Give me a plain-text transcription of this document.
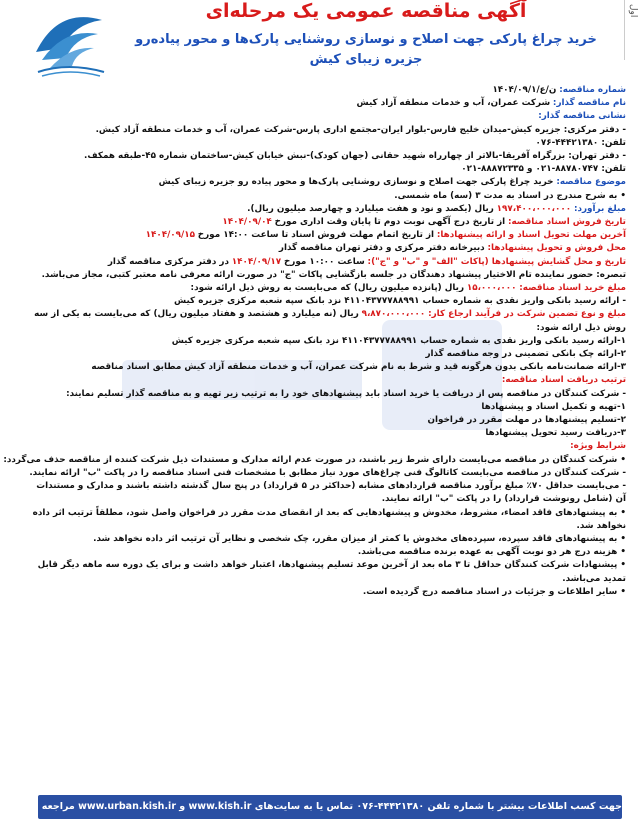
اول
آگهی مناقصه عمومی یک مرحله‌ای
خرید چراغ پارکی جهت اصلاح و نوسازی روشنایی پارک‌ها و محور پیاده‌رو
جزیره زیبای کیش
شماره مناقصه: ن/ع/۱۴۰۴/۰۹/۱
نام مناقصه گذار: شرکت عمران، آب و خدمات منطقه آزاد کیش
نشانی مناقصه گذار:
- دفتر مرکزی: جزیره کیش-میدان خلیج فارس-بلوار ایران-مجتمع اداری پارس-شرکت عمران، آب و خدمات منطقه آزاد کیش.
تلفن: ۴۴۴۲۱۳۸۰-۰۷۶
- دفتر تهران: بزرگراه آفریقا-بالاتر از چهارراه شهید حقانی (جهان کودک)-نبش خیابان کیش-ساختمان شماره ۴۵-طبقه همکف.
تلفن: ۸۸۷۸۰۷۴۷-۰۲۱ و ۸۸۸۷۲۳۳۵-۰۲۱
موضوع مناقصه: خرید چراغ پارکی جهت اصلاح و نوسازی روشنایی پارک‌ها و محور پیاده رو جزیره زیبای کیش
• به شرح مندرج در اسناد به مدت ۳ (سه) ماه شمسی.
مبلغ برآورد: ۱۹۷،۴۰۰،۰۰۰،۰۰۰ ریال (یکصد و نود و هفت میلیارد و چهارصد میلیون ریال).
تاریخ فروش اسناد مناقصه: از تاریخ درج آگهی نوبت دوم تا پایان وقت اداری مورخ ۱۴۰۴/۰۹/۰۴
آخرین مهلت تحویل اسناد و ارائه پیشنهادها: از تاریخ اتمام مهلت فروش اسناد تا ساعت ۱۴:۰۰ مورخ ۱۴۰۴/۰۹/۱۵
محل فروش و تحویل پیشنهادها: دبیرخانه دفتر مرکزی و دفتر تهران مناقصه گذار
تاریخ و محل گشایش پیشنهادها (پاکات "الف" و "ب" و "ج"): ساعت ۱۰:۰۰ مورخ ۱۴۰۴/۰۹/۱۷ در دفتر مرکزی مناقصه گذار
تبصره: حضور نماینده تام الاختیار پیشنهاد دهندگان در جلسه بازگشایی پاکات "ج" در صورت ارائه معرفی نامه معتبر کتبی، مجاز می‌باشد.
مبلغ خرید اسناد مناقصه: ۱۵،۰۰۰،۰۰۰ ریال (پانزده میلیون ریال) که می‌بایست به روش ذیل ارائه شود:
- ارائه رسید بانکی واریز نقدی به شماره حساب ۴۱۱۰۴۳۷۷۷۸۸۹۹۱ نزد بانک سپه شعبه مرکزی جزیره کیش
مبلغ و نوع تضمین شرکت در فرآیند ارجاع کار: ۹،۸۷۰،۰۰۰،۰۰۰ ریال (نه میلیارد و هشتصد و هفتاد میلیون ریال) که می‌بایست به یکی از سه
روش ذیل ارائه شود:
۱-ارائه رسید بانکی واریز نقدی به شماره حساب ۴۱۱۰۴۳۷۷۷۸۸۹۹۱ نزد بانک سپه شعبه مرکزی جزیره کیش
۲-ارائه چک بانکی تضمینی در وجه مناقصه گذار
۳-ارائه ضمانت‌نامه بانکی بدون هرگونه قید و شرط به نام شرکت عمران، آب و خدمات منطقه آزاد کیش مطابق اسناد مناقصه
ترتیب دریافت اسناد مناقصه:
- شرکت کنندگان در مناقصه پس از دریافت یا خرید اسناد باید پیشنهادهای خود را به ترتیب زیر تهیه و به مناقصه گذار تسلیم نمایند:
۱-تهیه و تکمیل اسناد و پیشنهادها
۲-تسلیم پیشنهادها در مهلت مقرر در فراخوان
۳-دریافت رسید تحویل پیشنهادها
شرایط ویژه:
• شرکت کنندگان در مناقصه می‌بایست دارای شرط زیر باشند، در صورت عدم ارائه مدارک و مستندات ذیل شرکت کننده از مناقصه حذف می‌گردد:
- شرکت کنندگان در مناقصه می‌بایست کاتالوگ فنی چراغ‌های مورد نیاز مطابق با مشخصات فنی اسناد مناقصه را در پاکت "ب" ارائه نمایند.
- می‌بایست حداقل ۷۰٪ مبلغ برآورد مناقصه قراردادهای مشابه (حداکثر در ۵ قرارداد) در پنج سال گذشته داشته باشند و مدارک و مستندات آن (شامل رونوشت قرارداد) را در پاکت "ب" ارائه نمایند.
• به پیشنهادهای فاقد امضاء، مشروط، مخدوش و پیشنهادهایی که بعد از انقضای مدت مقرر در فراخوان واصل شود، مطلقاً ترتیب اثر داده نخواهد شد.
• به پیشنهادهای فاقد سپرده، سپرده‌های مخدوش یا کمتر از میزان مقرر، چک شخصی و نظایر آن ترتیب اثر داده نخواهد شد.
• هزینه درج هر دو نوبت آگهی به عهده برنده مناقصه می‌باشد.
• پیشنهادات شرکت کنندگان حداقل تا ۳ ماه بعد از آخرین موعد تسلیم پیشنهادها، اعتبار خواهد داشت و برای یک دوره سه ماهه دیگر قابل تمدید می‌باشد.
• سایر اطلاعات و جزئیات در اسناد مناقصه درج گردیده است.
جهت کسب اطلاعات بیشتر با شماره تلفن ۴۴۴۲۱۳۸۰-۰۷۶ تماس یا به سایت‌های www.kish.ir و www.urban.kish.ir مراجعه فرمایید.
